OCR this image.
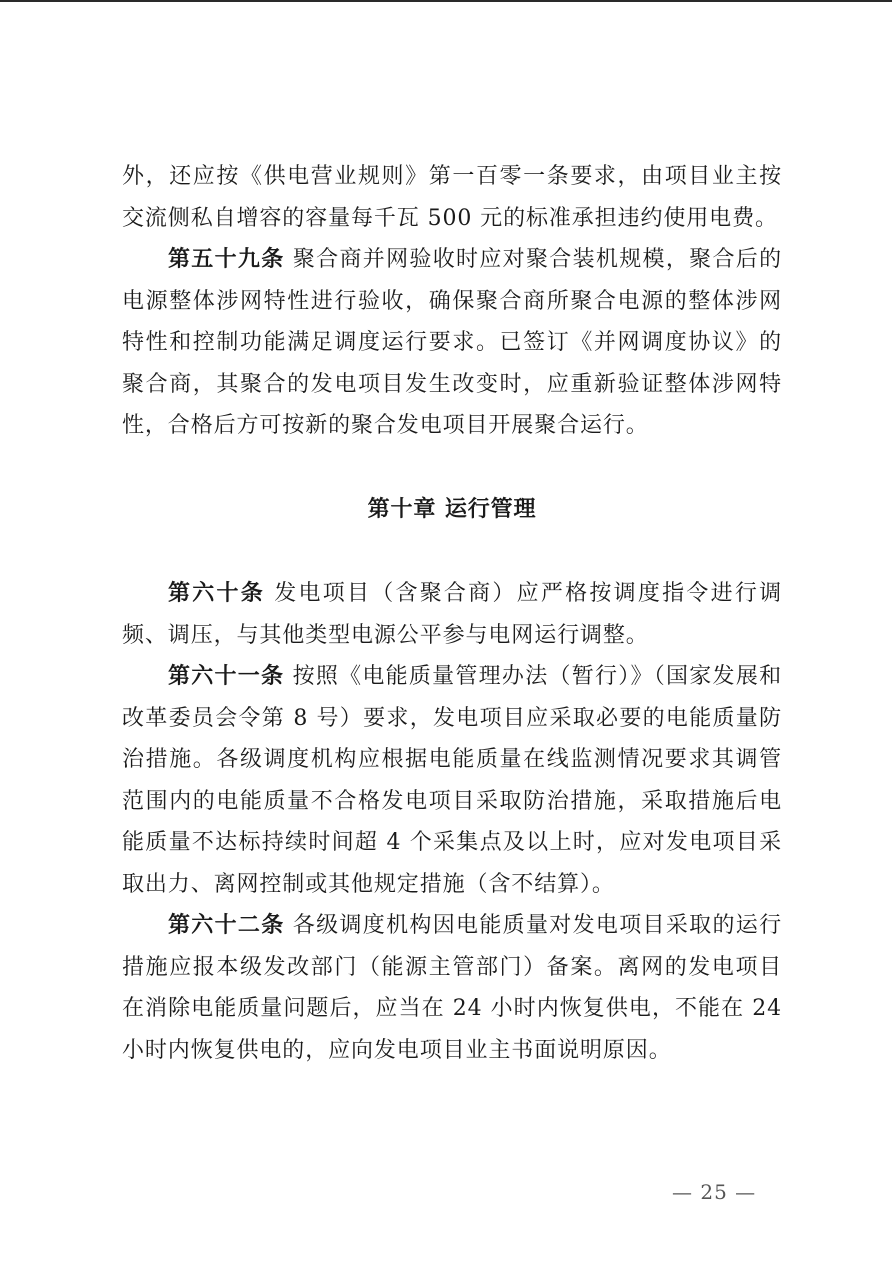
外，还应按《供电营业规则》第一百零一条要求，由项目业主按交流侧私自增容的容量每千瓦 500 元的标准承担违约使用电费。

第五十九条 聚合商并网验收时应对聚合装机规模，聚合后的电源整体涉网特性进行验收，确保聚合商所聚合电源的整体涉网特性和控制功能满足调度运行要求。已签订《并网调度协议》的聚合商，其聚合的发电项目发生改变时，应重新验证整体涉网特性，合格后方可按新的聚合发电项目开展聚合运行。

第十章 运行管理

第六十条 发电项目（含聚合商）应严格按调度指令进行调频、调压，与其他类型电源公平参与电网运行调整。

第六十一条 按照《电能质量管理办法（暂行）》（国家发展和改革委员会令第 8 号）要求，发电项目应采取必要的电能质量防治措施。各级调度机构应根据电能质量在线监测情况要求其调管范围内的电能质量不合格发电项目采取防治措施，采取措施后电能质量不达标持续时间超 4 个采集点及以上时，应对发电项目采取出力、离网控制或其他规定措施（含不结算）。

第六十二条 各级调度机构因电能质量对发电项目采取的运行措施应报本级发改部门（能源主管部门）备案。离网的发电项目在消除电能质量问题后，应当在 24 小时内恢复供电，不能在 24 小时内恢复供电的，应向发电项目业主书面说明原因。

— 25 —
